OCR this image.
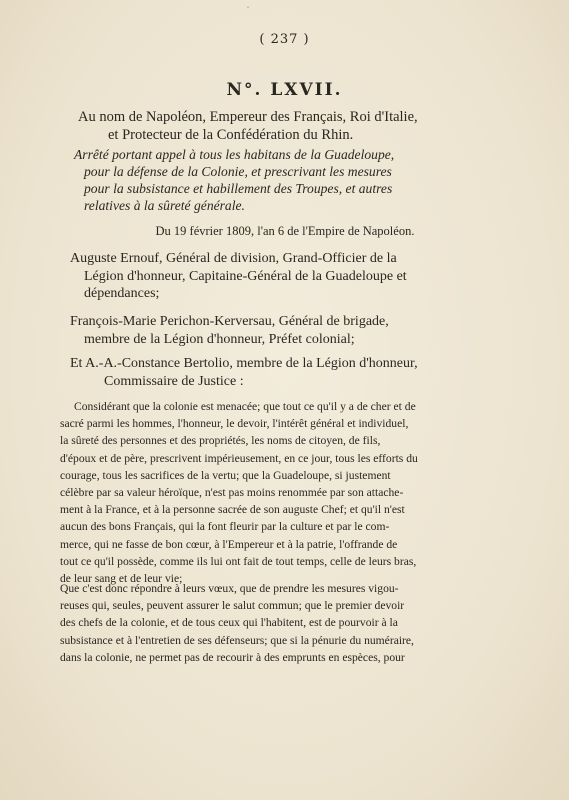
ˇ
( 237 )
N°. LXVII.
Au nom de Napoléon, Empereur des Français, Roi d'Italie,
et Protecteur de la Confédération du Rhin.
Arrêté portant appel à tous les habitans de la Guadeloupe,
pour la défense de la Colonie, et prescrivant les mesures
pour la subsistance et habillement des Troupes, et autres
relatives à la sûreté générale.
Du 19 février 1809, l'an 6 de l'Empire de Napoléon.
Auguste Ernouf, Général de division, Grand-Officier de la
Légion d'honneur, Capitaine-Général de la Guadeloupe et
dépendances;
François-Marie Perichon-Kerversau, Général de brigade,
membre de la Légion d'honneur, Préfet colonial;
Et A.-A.-Constance Bertolio, membre de la Légion d'honneur,
Commissaire de Justice :
Considérant que la colonie est menacée; que tout ce qu'il y a de cher et de
sacré parmi les hommes, l'honneur, le devoir, l'intérêt général et individuel,
la sûreté des personnes et des propriétés, les noms de citoyen, de fils,
d'époux et de père, prescrivent impérieusement, en ce jour, tous les efforts du
courage, tous les sacrifices de la vertu; que la Guadeloupe, si justement
célèbre par sa valeur héroïque, n'est pas moins renommée par son attache-
ment à la France, et à la personne sacrée de son auguste Chef; et qu'il n'est
aucun des bons Français, qui la font fleurir par la culture et par le com-
merce, qui ne fasse de bon cœur, à l'Empereur et à la patrie, l'offrande de
tout ce qu'il possède, comme ils lui ont fait de tout temps, celle de leurs bras,
de leur sang et de leur vie;
Que c'est donc répondre à leurs vœux, que de prendre les mesures vigou-
reuses qui, seules, peuvent assurer le salut commun; que le premier devoir
des chefs de la colonie, et de tous ceux qui l'habitent, est de pourvoir à la
subsistance et à l'entretien de ses défenseurs; que si la pénurie du numéraire,
dans la colonie, ne permet pas de recourir à des emprunts en espèces, pour
